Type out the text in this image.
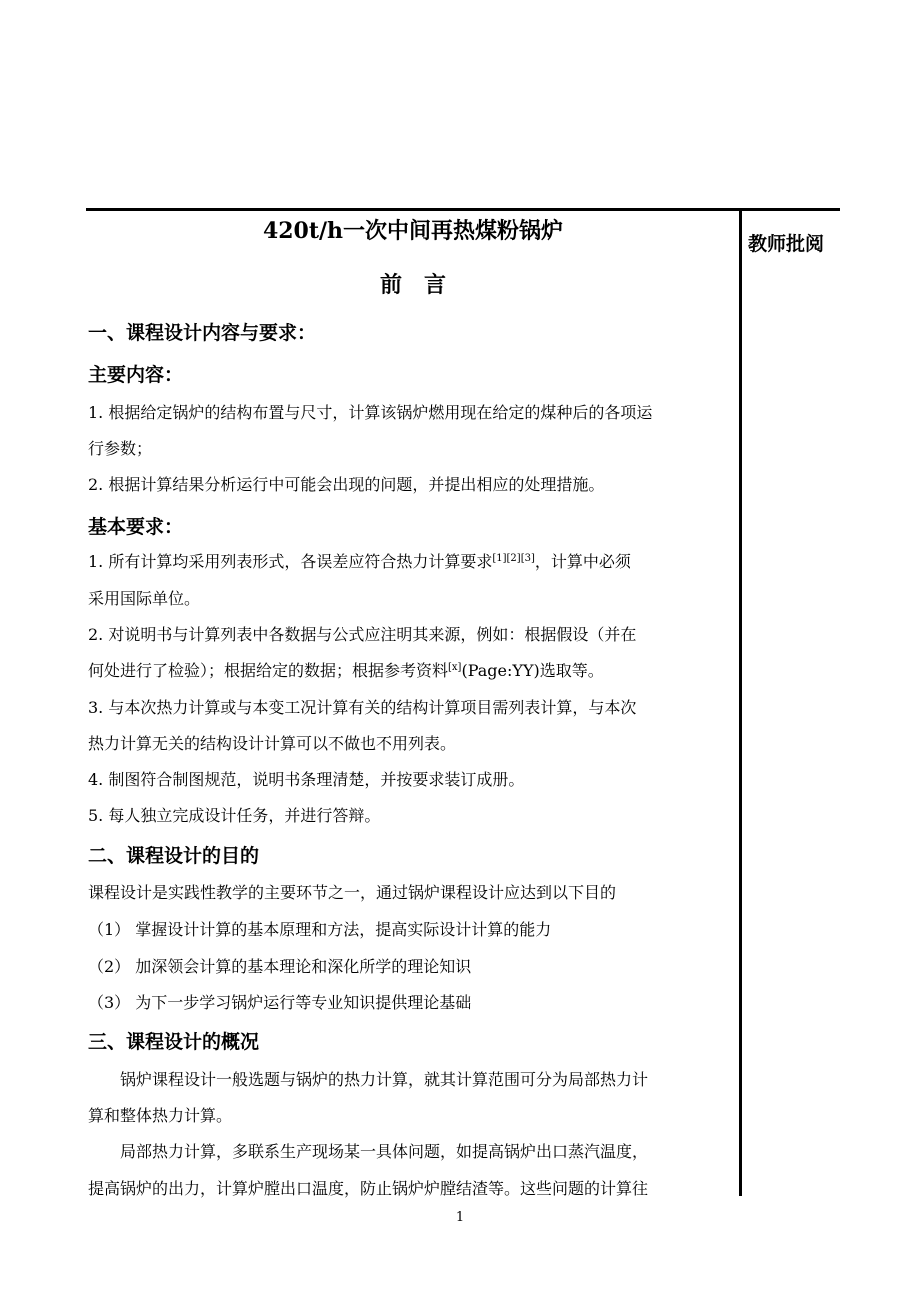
教师批阅
420t/h一次中间再热煤粉锅炉
前　言
一、课程设计内容与要求：
主要内容：
1. 根据给定锅炉的结构布置与尺寸，计算该锅炉燃用现在给定的煤种后的各项运
行参数；
2. 根据计算结果分析运行中可能会出现的问题，并提出相应的处理措施。
基本要求：
1. 所有计算均采用列表形式，各误差应符合热力计算要求[1][2][3]，计算中必须
采用国际单位。
2. 对说明书与计算列表中各数据与公式应注明其来源，例如：根据假设（并在
何处进行了检验）；根据给定的数据；根据参考资料[x](Page:YY)选取等。
3. 与本次热力计算或与本变工况计算有关的结构计算项目需列表计算，与本次
热力计算无关的结构设计计算可以不做也不用列表。
4. 制图符合制图规范，说明书条理清楚，并按要求装订成册。
5. 每人独立完成设计任务，并进行答辩。
二、课程设计的目的
课程设计是实践性教学的主要环节之一，通过锅炉课程设计应达到以下目的
（1） 掌握设计计算的基本原理和方法，提高实际设计计算的能力
（2） 加深领会计算的基本理论和深化所学的理论知识
（3） 为下一步学习锅炉运行等专业知识提供理论基础
三、课程设计的概况
　　锅炉课程设计一般选题与锅炉的热力计算，就其计算范围可分为局部热力计
算和整体热力计算。
　　局部热力计算，多联系生产现场某一具体问题，如提高锅炉出口蒸汽温度，
提高锅炉的出力，计算炉膛出口温度，防止锅炉炉膛结渣等。这些问题的计算往
1
